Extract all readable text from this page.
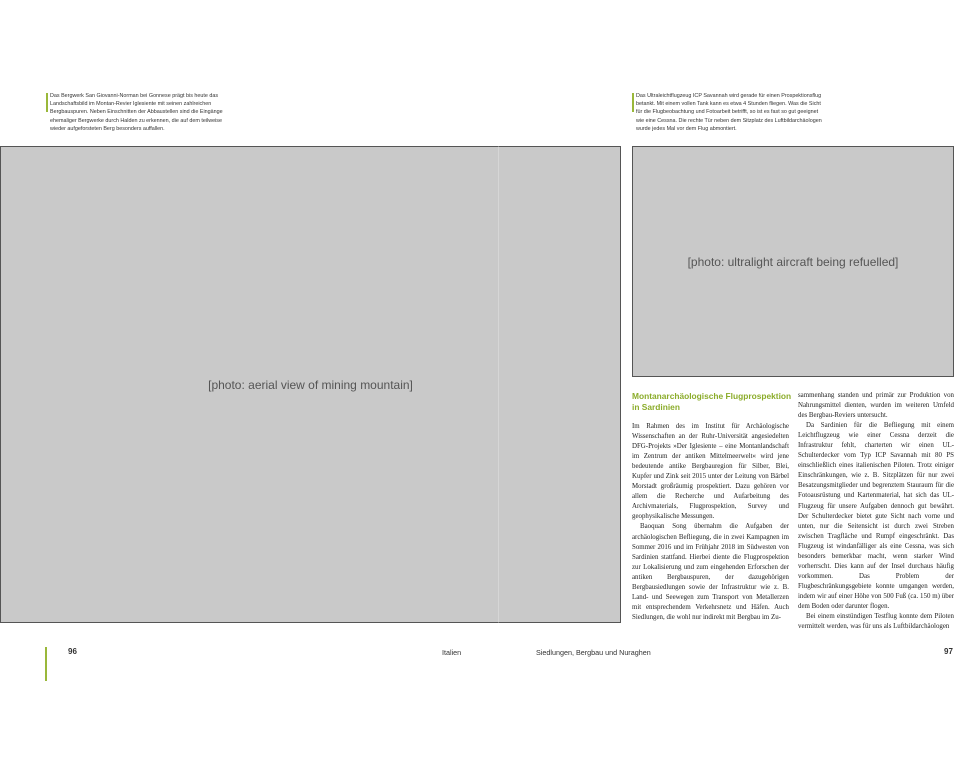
Das Bergwerk San Giovanni-Norman bei Gonnese prägt bis heute das Landschaftsbild im Montan-Revier Iglesiente mit seinen zahlreichen Bergbauspuren. Neben Einschnitten der Abbaustellen sind die Eingänge ehemaliger Bergwerke durch Halden zu erkennen, die auf dem teilweise wieder aufgeforsteten Berg besonders auffallen.
Das Ultraleichtflugzeug ICP Savannah wird gerade für einen Prospektionsflug betankt. Mit einem vollen Tank kann es etwa 4 Stunden fliegen. Was die Sicht für die Flugbeobachtung und Fotoarbeit betrifft, so ist es fast so gut geeignet wie eine Cessna. Die rechte Tür neben dem Sitzplatz des Luftbildarchäologen wurde jedes Mal vor dem Flug abmontiert.
[photo: aerial view of mining mountain]
[photo: ultralight aircraft being refuelled]
Montanarchäologische Flugprospektion in Sardinien

Im Rahmen des im Institut für Archäologische Wissenschaften an der Ruhr-Universität angesiedelten DFG-Projekts »Der Iglesiente – eine Montanlandschaft im Zentrum der antiken Mittelmeerwelt« wird jene bedeutende antike Bergbauregion für Silber, Blei, Kupfer und Zink seit 2015 unter der Leitung von Bärbel Morstadt großräumig prospektiert. Dazu gehören vor allem die Recherche und Aufarbeitung des Archivmaterials, Flugprospektion, Survey und geophysikalische Messungen.

Baoquan Song übernahm die Aufgaben der archäologischen Befliegung, die in zwei Kampagnen im Sommer 2016 und im Frühjahr 2018 im Südwesten von Sardinien stattfand. Hierbei diente die Flugprospektion zur Lokalisierung und zum eingehenden Erforschen der antiken Bergbauspuren, der dazugehörigen Bergbausiedlungen sowie der Infrastruktur wie z. B. Land- und Seewegen zum Transport von Metallerzen mit entsprechendem Verkehrsnetz und Häfen. Auch Siedlungen, die wohl nur indirekt mit Bergbau im Zu-

sammenhang standen und primär zur Produktion von Nahrungsmittel dienten, wurden im weiteren Umfeld des Bergbau-Reviers untersucht.

Da Sardinien für die Befliegung mit einem Leichtflugzeug wie einer Cessna derzeit die Infrastruktur fehlt, charterten wir einen UL-Schulterdecker vom Typ ICP Savannah mit 80 PS einschließlich eines italienischen Piloten. Trotz einiger Einschränkungen, wie z. B. Sitzplätzen für nur zwei Besatzungsmitglieder und begrenztem Stauraum für die Fotoausrüstung und Kartenmaterial, hat sich das UL-Flugzeug für unsere Aufgaben dennoch gut bewährt. Der Schulterdecker bietet gute Sicht nach vorne und unten, nur die Seitensicht ist durch zwei Streben zwischen Tragfläche und Rumpf eingeschränkt. Das Flugzeug ist windanfälliger als eine Cessna, was sich besonders bemerkbar macht, wenn starker Wind vorherrscht. Dies kann auf der Insel durchaus häufig vorkommen. Das Problem der Flugbeschränkungsgebiete konnte umgangen werden, indem wir auf einer Höhe von 500 Fuß (ca. 150 m) über dem Boden oder darunter flogen.

Bei einem einstündigen Testflug konnte dem Piloten vermittelt werden, was für uns als Luftbildarchäologen

96	Italien	Siedlungen, Bergbau und Nuraghen	97
